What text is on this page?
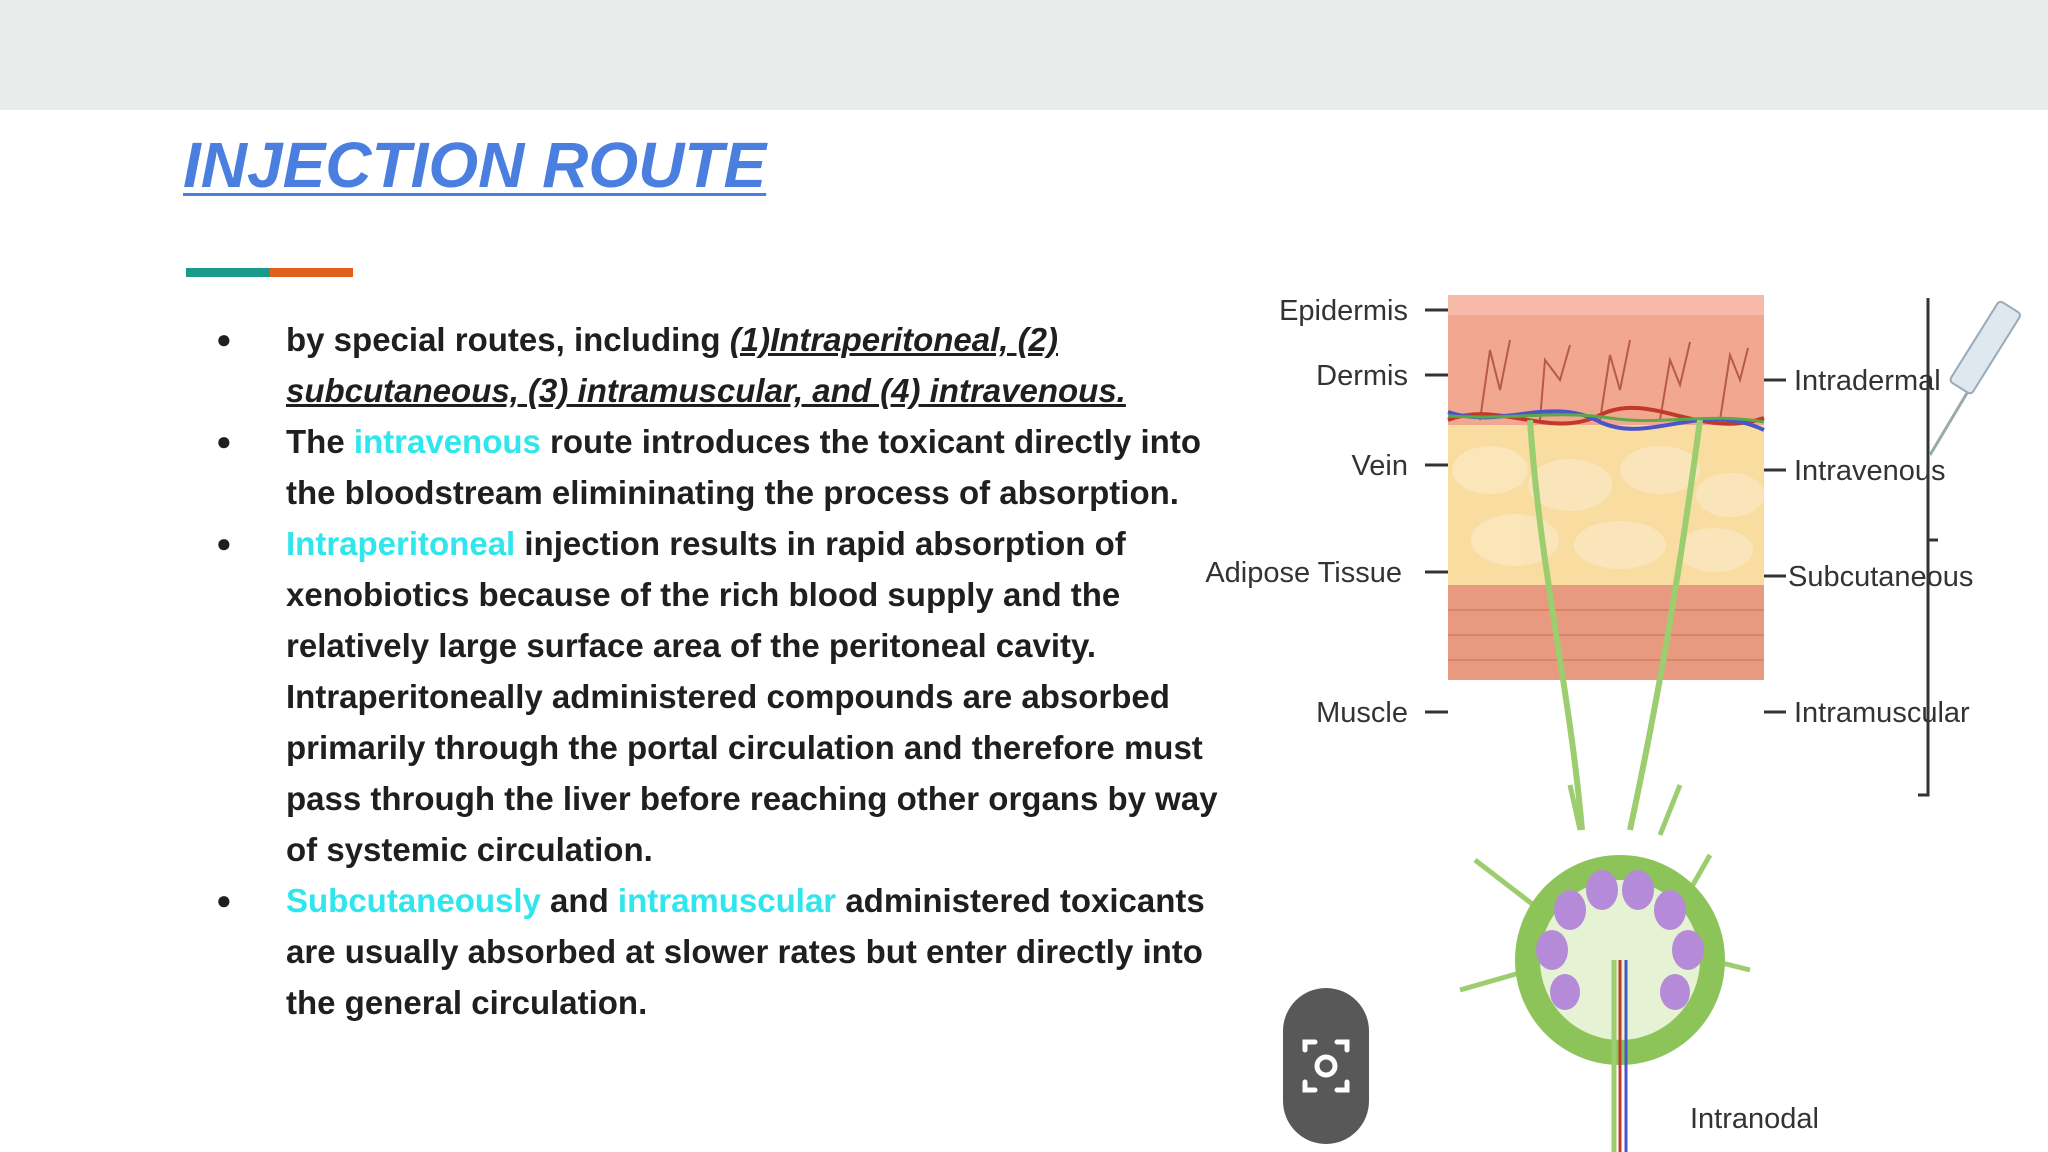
INJECTION ROUTE
● by special routes, including (1)Intraperitoneal, (2) subcutaneous, (3) intramuscular, and (4) intravenous.
● The intravenous route introduces the toxicant directly into the bloodstream elimininating the process of absorption.
● Intraperitoneal injection results in rapid absorption of xenobiotics because of the rich blood supply and the relatively large surface area of the peritoneal cavity. Intraperitoneally administered compounds are absorbed primarily through the portal circulation and therefore must pass through the liver before reaching other organs by way of systemic circulation.
● Subcutaneously and intramuscular administered toxicants are usually absorbed at slower rates but enter directly into the general circulation.
Epidermis
Dermis
Vein
Adipose Tissue
Muscle
Intradermal
Intravenous
Subcutaneous
Intramuscular
Intranodal
